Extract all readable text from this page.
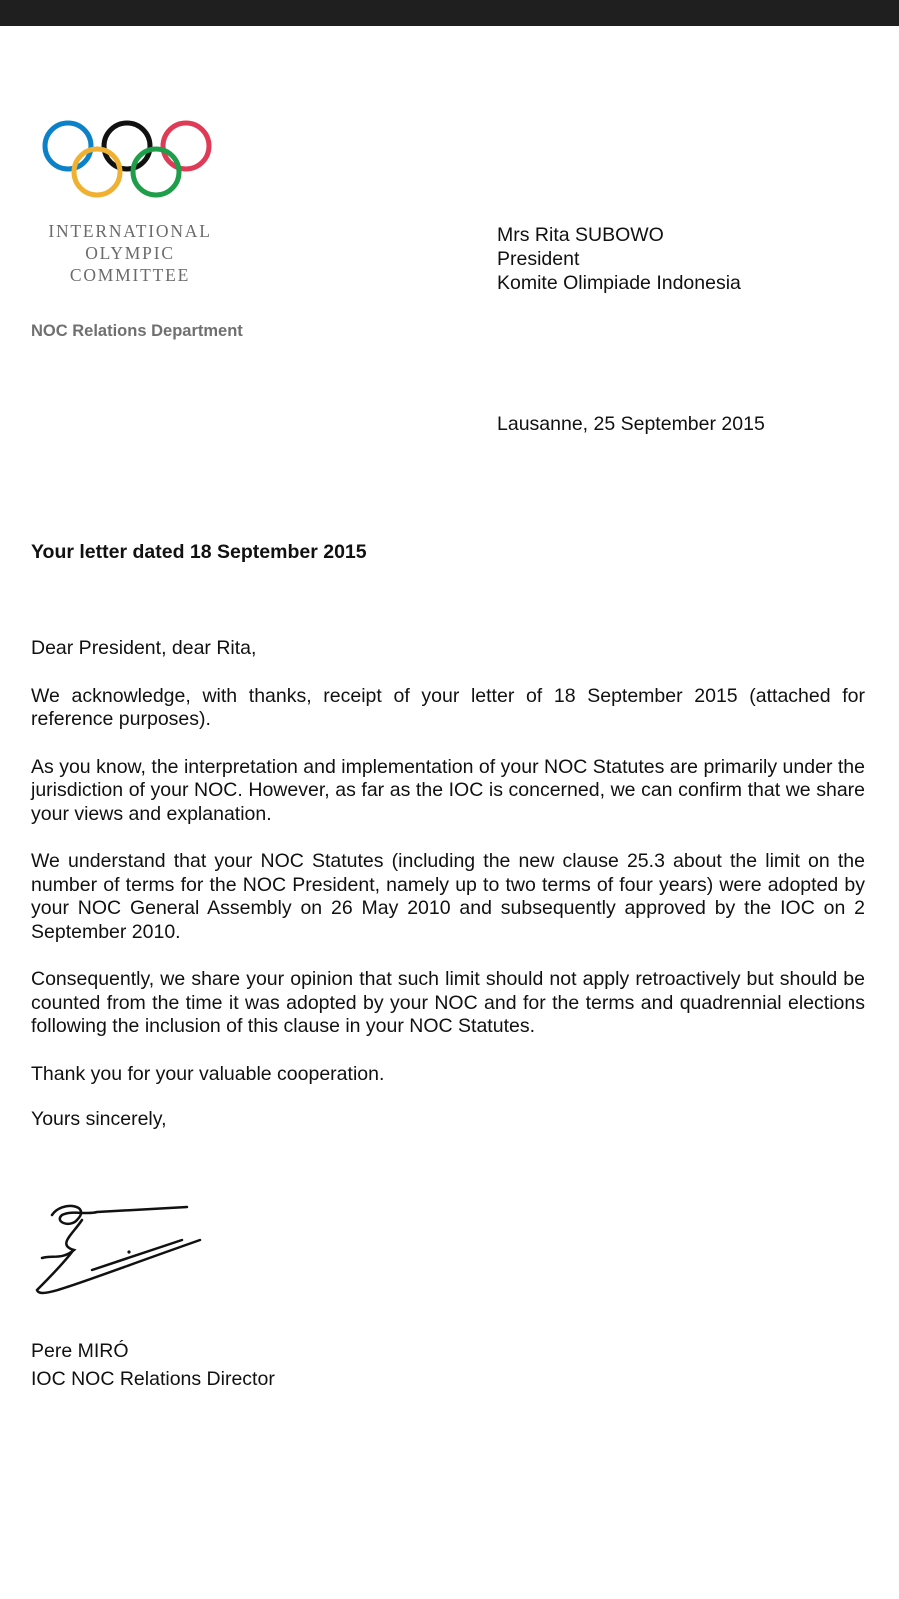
INTERNATIONAL
OLYMPIC
COMMITTEE
NOC Relations Department
Mrs Rita SUBOWO
President
Komite Olimpiade Indonesia
Lausanne, 25 September 2015
Your letter dated 18 September 2015

Dear President, dear Rita,

We acknowledge, with thanks, receipt of your letter of 18 September 2015 (attached for reference purposes).

As you know, the interpretation and implementation of your NOC Statutes are primarily under the jurisdiction of your NOC. However, as far as the IOC is concerned, we can confirm that we share your views and explanation.

We understand that your NOC Statutes (including the new clause 25.3 about the limit on the number of terms for the NOC President, namely up to two terms of four years) were adopted by your NOC General Assembly on 26 May 2010 and subsequently approved by the IOC on 2 September 2010.

Consequently, we share your opinion that such limit should not apply retroactively but should be counted from the time it was adopted by your NOC and for the terms and quadrennial elections following the inclusion of this clause in your NOC Statutes.

Thank you for your valuable cooperation.

Yours sincerely,

Pere MIRÓ
IOC NOC Relations Director
